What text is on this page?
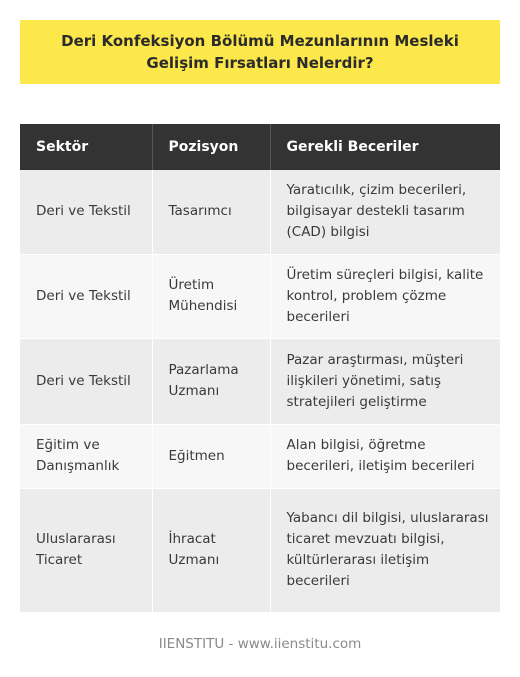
Deri Konfeksiyon Bölümü Mezunlarının Mesleki Gelişim Fırsatları Nelerdir?
Sektör	Pozisyon	Gerekli Beceriler
Deri ve Tekstil	Tasarımcı	Yaratıcılık, çizim becerileri, bilgisayar destekli tasarım (CAD) bilgisi
Deri ve Tekstil	Üretim Mühendisi	Üretim süreçleri bilgisi, kalite kontrol, problem çözme becerileri
Deri ve Tekstil	Pazarlama Uzmanı	Pazar araştırması, müşteri ilişkileri yönetimi, satış stratejileri geliştirme
Eğitim ve Danışmanlık	Eğitmen	Alan bilgisi, öğretme becerileri, iletişim becerileri
Uluslararası Ticaret	İhracat Uzmanı	Yabancı dil bilgisi, uluslararası ticaret mevzuatı bilgisi, kültürlerarası iletişim becerileri
IIENSTITU - www.iienstitu.com
